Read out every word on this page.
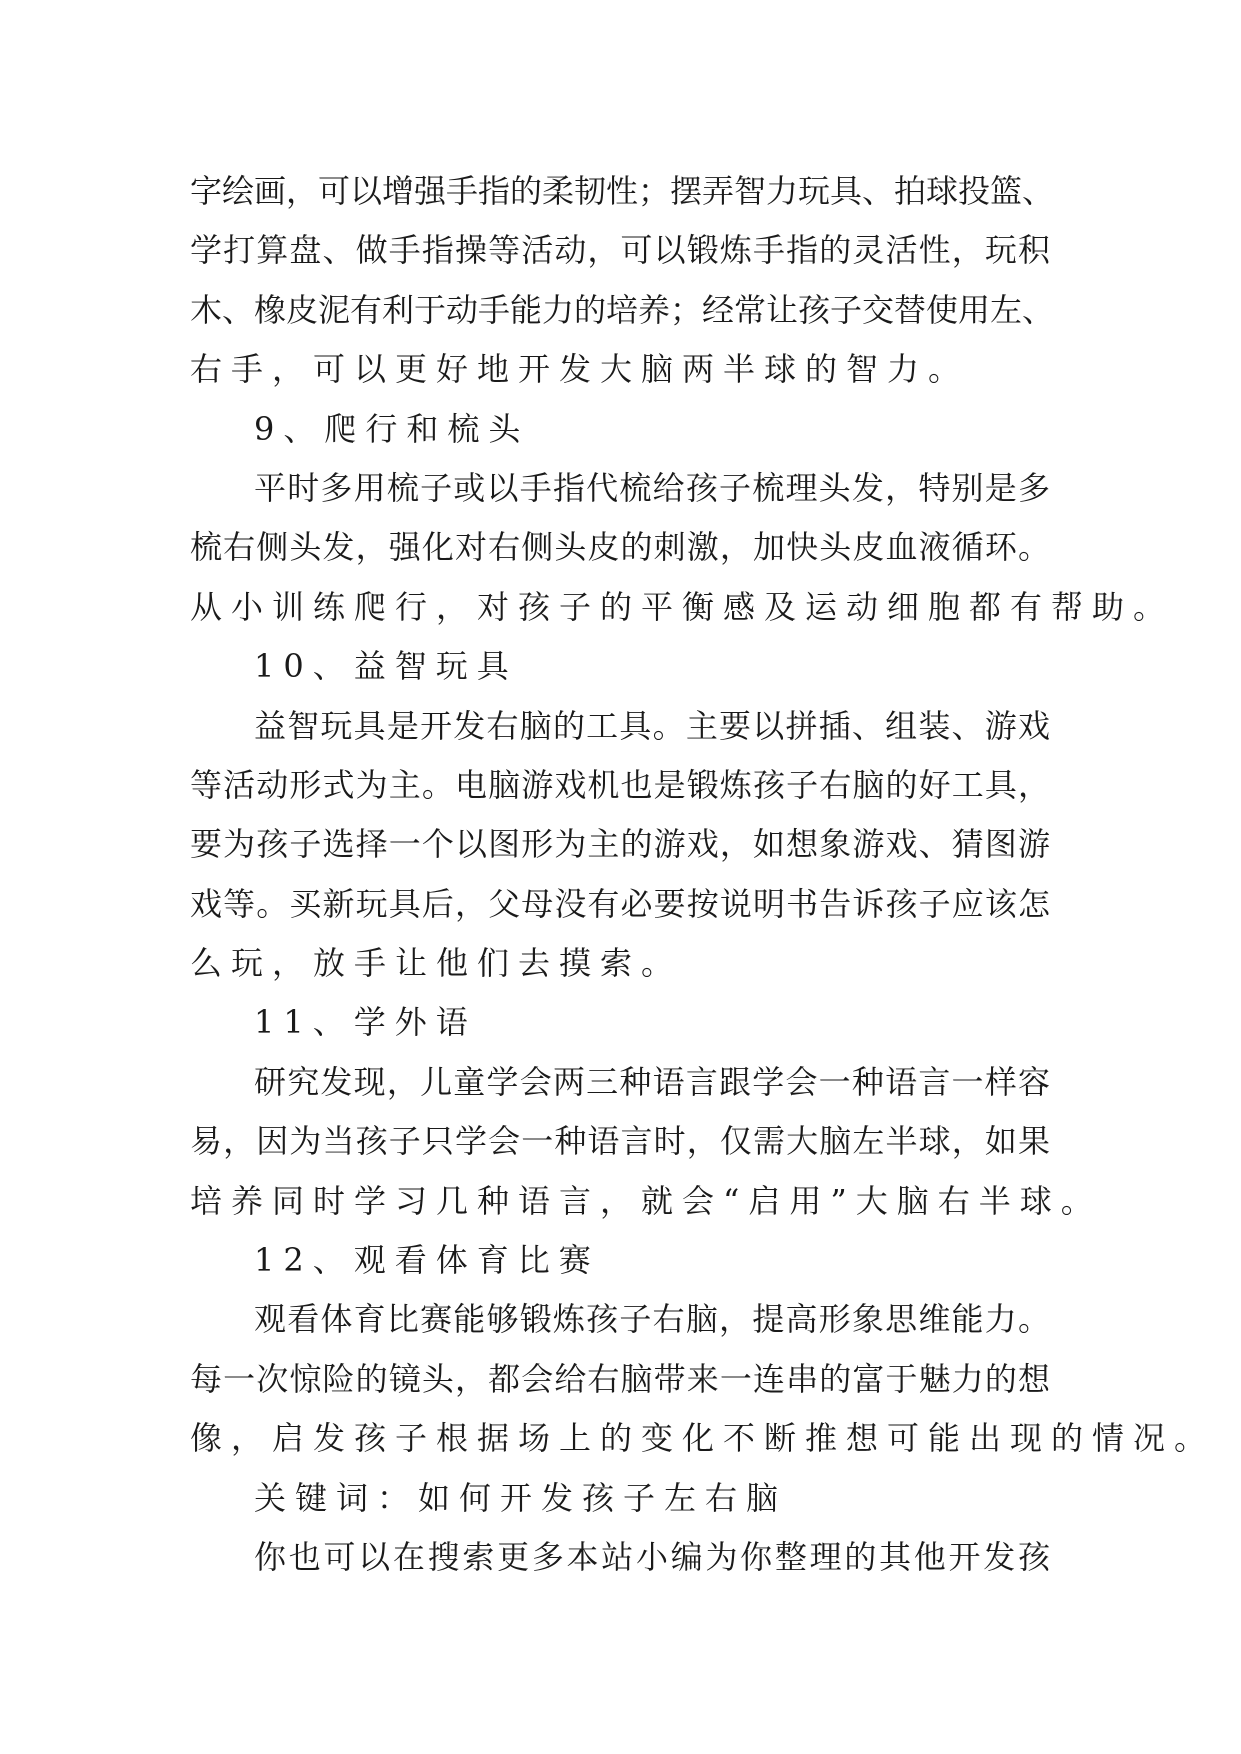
字绘画，可以增强手指的柔韧性；摆弄智力玩具、拍球投篮、
学打算盘、做手指操等活动，可以锻炼手指的灵活性，玩积
木、橡皮泥有利于动手能力的培养；经常让孩子交替使用左、
右手，可以更好地开发大脑两半球的智力。
9、爬行和梳头
平时多用梳子或以手指代梳给孩子梳理头发，特别是多
梳右侧头发，强化对右侧头皮的刺激，加快头皮血液循环。
从小训练爬行，对孩子的平衡感及运动细胞都有帮助。
10、益智玩具
益智玩具是开发右脑的工具。主要以拼插、组装、游戏
等活动形式为主。电脑游戏机也是锻炼孩子右脑的好工具，
要为孩子选择一个以图形为主的游戏，如想象游戏、猜图游
戏等。买新玩具后，父母没有必要按说明书告诉孩子应该怎
么玩，放手让他们去摸索。
11、学外语
研究发现，儿童学会两三种语言跟学会一种语言一样容
易，因为当孩子只学会一种语言时，仅需大脑左半球，如果
培养同时学习几种语言，就会“启用”大脑右半球。
12、观看体育比赛
观看体育比赛能够锻炼孩子右脑，提高形象思维能力。
每一次惊险的镜头，都会给右脑带来一连串的富于魅力的想
像，启发孩子根据场上的变化不断推想可能出现的情况。
关键词：如何开发孩子左右脑
你也可以在搜索更多本站小编为你整理的其他开发孩
